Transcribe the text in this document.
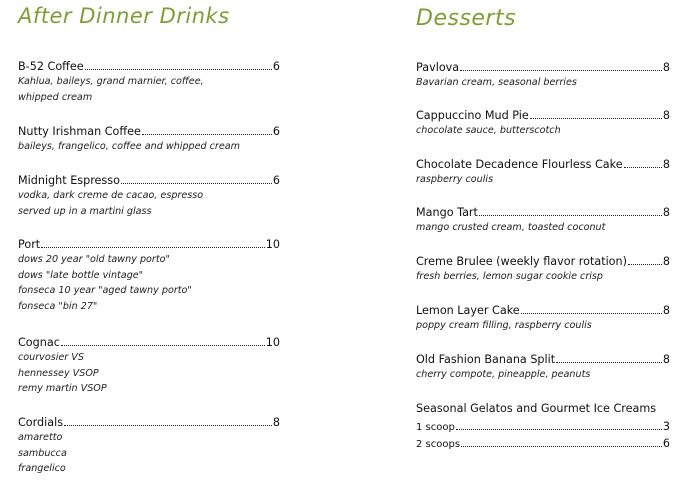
After Dinner Drinks
B-52 Coffee	6
Kahlua, baileys, grand marnier, coffee,
whipped cream
Nutty Irishman Coffee	6
baileys, frangelico, coffee and whipped cream
Midnight Espresso	6
vodka, dark creme de cacao, espresso
served up in a martini glass
Port	10
dows 20 year "old tawny porto"
dows "late bottle vintage"
fonseca 10 year "aged tawny porto"
fonseca "bin 27"
Cognac	10
courvosier VS
hennessey VSOP
remy martin VSOP
Cordials	8
amaretto
sambucca
frangelico
Desserts
Pavlova	8
Bavarian cream, seasonal berries
Cappuccino Mud Pie	8
chocolate sauce, butterscotch
Chocolate Decadence Flourless Cake	8
raspberry coulis
Mango Tart	8
mango crusted cream, toasted coconut
Creme Brulee (weekly flavor rotation)	8
fresh berries, lemon sugar cookie crisp
Lemon Layer Cake	8
poppy cream filling, raspberry coulis
Old Fashion Banana Split	8
cherry compote, pineapple, peanuts
Seasonal Gelatos and Gourmet Ice Creams
1 scoop	3
2 scoops	6
